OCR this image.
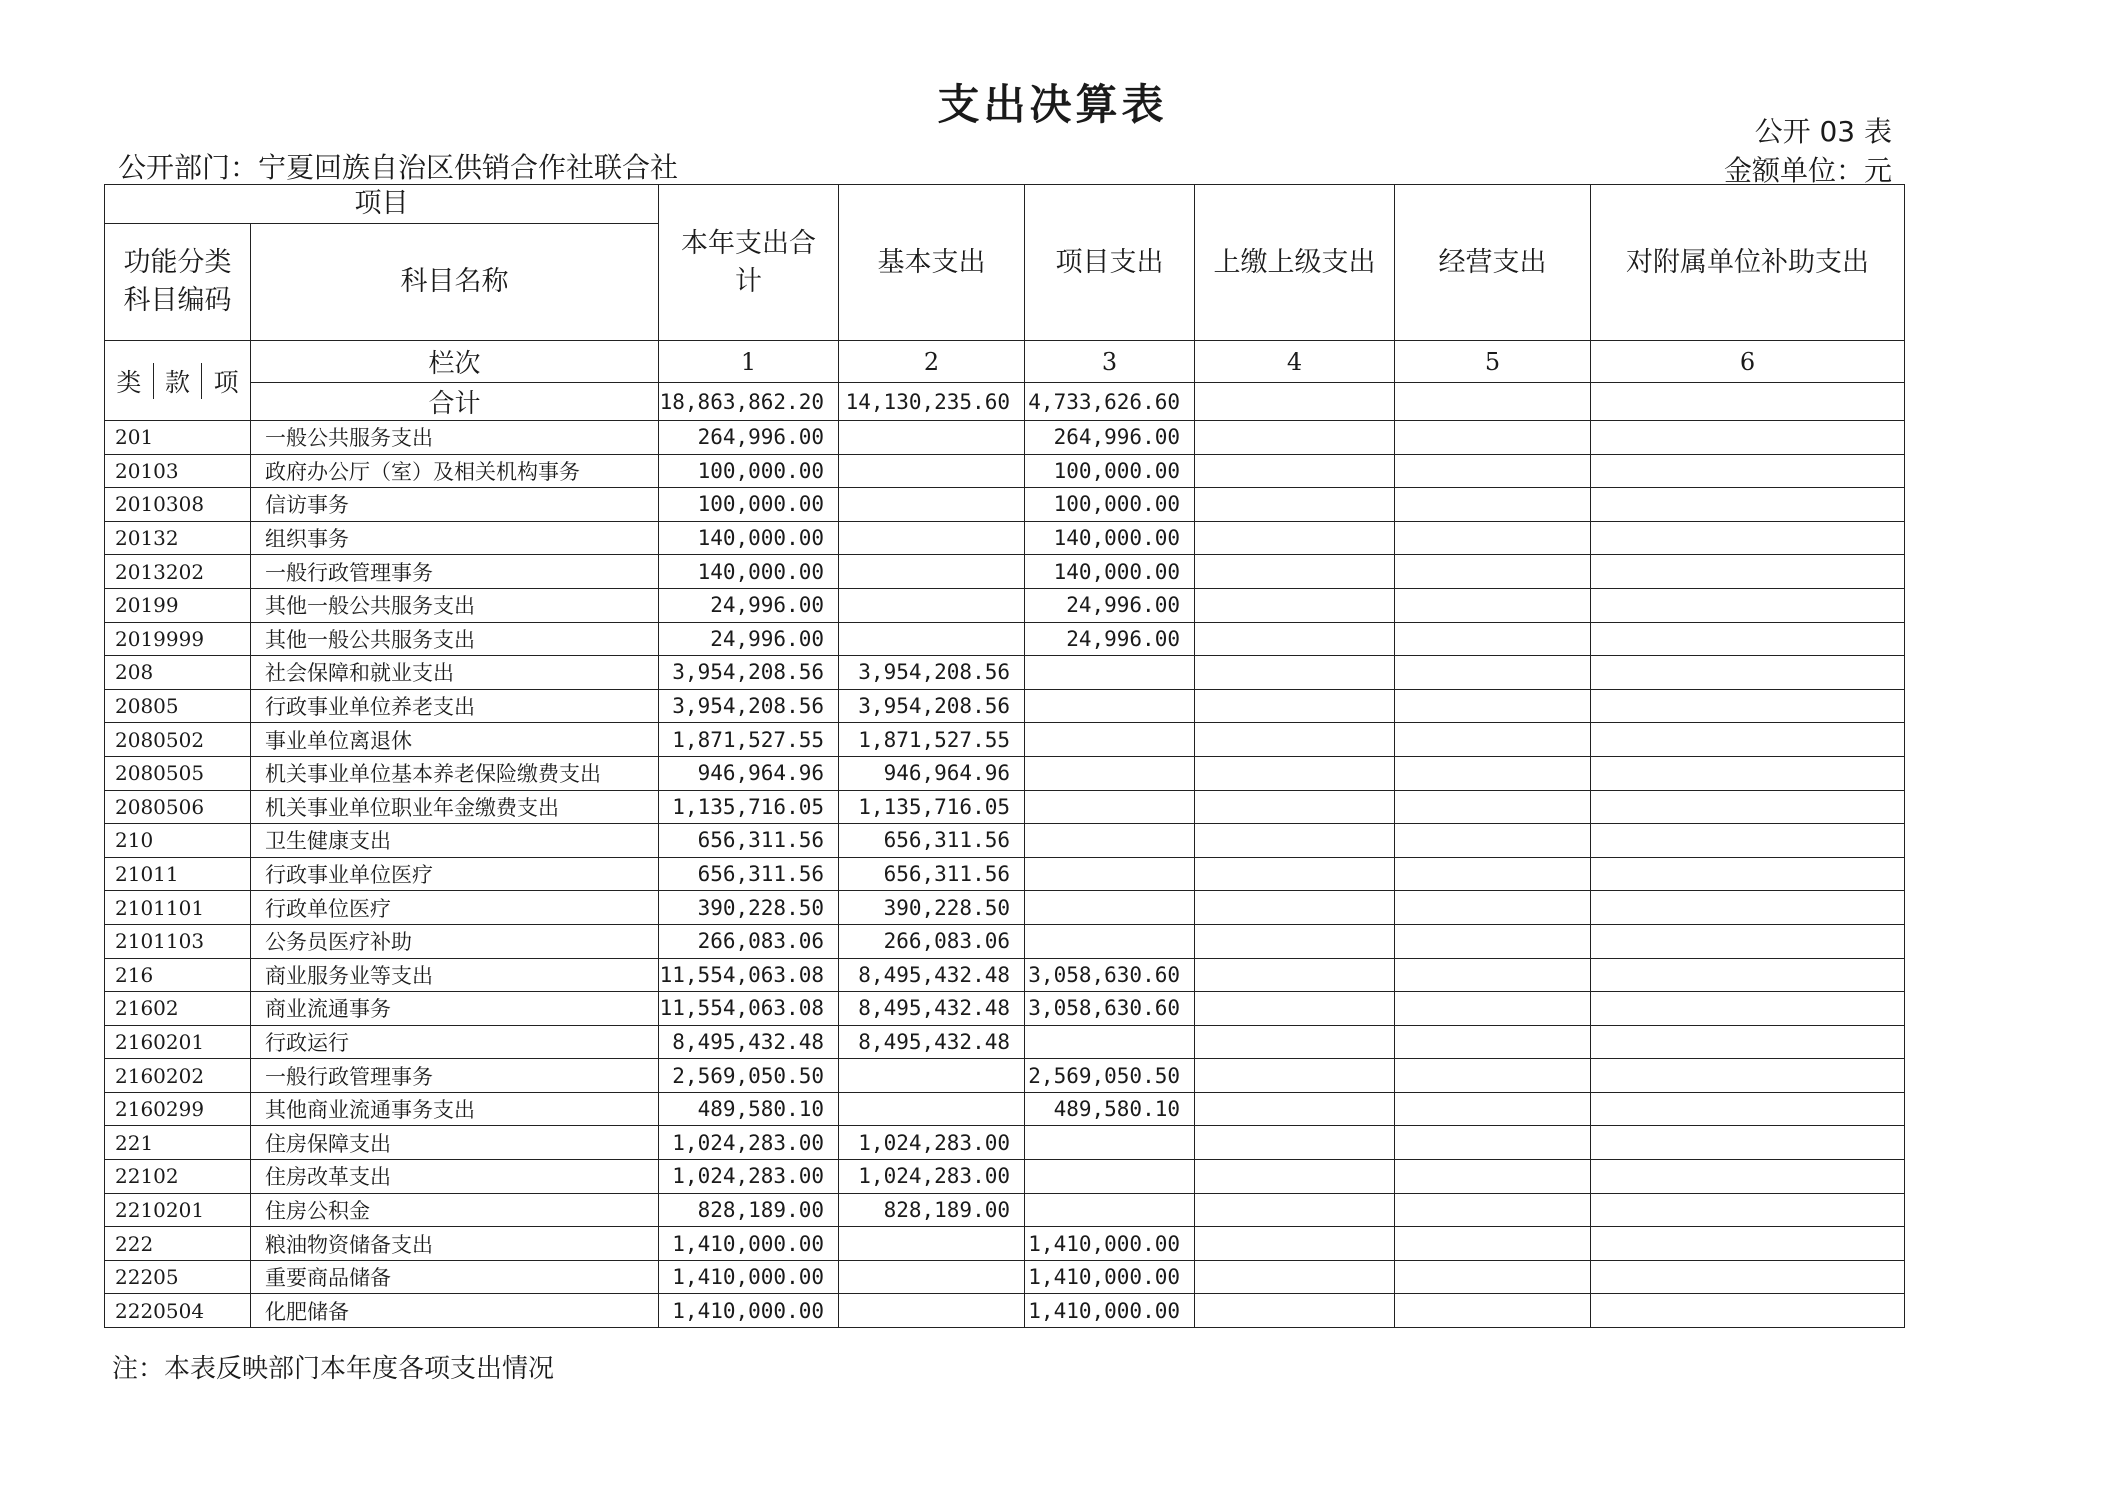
支出决算表
公开 03 表
公开部门：宁夏回族自治区供销合作社联合社	金额单位：元
项目		本年支出合计	基本支出	项目支出	上缴上级支出	经营支出	对附属单位补助支出
功能分类科目编码	科目名称						

类 款 项	栏次	1	2	3	4	5	6
	合计	18,863,862.20	14,130,235.60	4,733,626.60			
201	一般公共服务支出	264,996.00		264,996.00			
20103	政府办公厅（室）及相关机构事务	100,000.00		100,000.00			
2010308	信访事务	100,000.00		100,000.00			
20132	组织事务	140,000.00		140,000.00			
2013202	一般行政管理事务	140,000.00		140,000.00			
20199	其他一般公共服务支出	24,996.00		24,996.00			
2019999	其他一般公共服务支出	24,996.00		24,996.00			
208	社会保障和就业支出	3,954,208.56	3,954,208.56				
20805	行政事业单位养老支出	3,954,208.56	3,954,208.56				
2080502	事业单位离退休	1,871,527.55	1,871,527.55				
2080505	机关事业单位基本养老保险缴费支出	946,964.96	946,964.96				
2080506	机关事业单位职业年金缴费支出	1,135,716.05	1,135,716.05				
210	卫生健康支出	656,311.56	656,311.56				
21011	行政事业单位医疗	656,311.56	656,311.56				
2101101	行政单位医疗	390,228.50	390,228.50				
2101103	公务员医疗补助	266,083.06	266,083.06				
216	商业服务业等支出	11,554,063.08	8,495,432.48	3,058,630.60			
21602	商业流通事务	11,554,063.08	8,495,432.48	3,058,630.60			
2160201	行政运行	8,495,432.48	8,495,432.48				
2160202	一般行政管理事务	2,569,050.50		2,569,050.50			
2160299	其他商业流通事务支出	489,580.10		489,580.10			
221	住房保障支出	1,024,283.00	1,024,283.00				
22102	住房改革支出	1,024,283.00	1,024,283.00				
2210201	住房公积金	828,189.00	828,189.00				
222	粮油物资储备支出	1,410,000.00		1,410,000.00			
22205	重要商品储备	1,410,000.00		1,410,000.00			
2220504	化肥储备	1,410,000.00		1,410,000.00			
注：本表反映部门本年度各项支出情况
